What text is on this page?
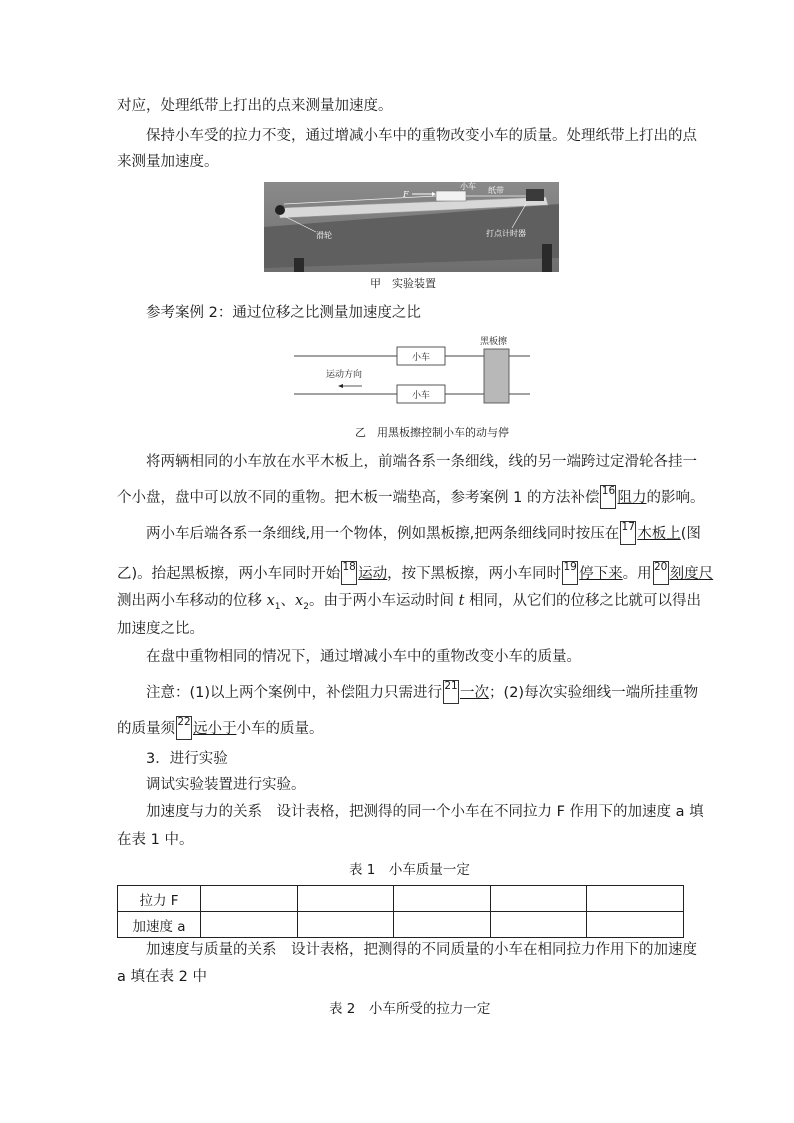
对应，处理纸带上打出的点来测量加速度。
保持小车受的拉力不变，通过增减小车中的重物改变小车的质量。处理纸带上打出的点
来测量加速度。
F
小车 纸带
滑轮	打点计时器
甲　实验装置
参考案例 2：通过位移之比测量加速度之比
黑板擦
小车
小车
运动方向
乙　用黑板擦控制小车的动与停
将两辆相同的小车放在水平木板上，前端各系一条细线，线的另一端跨过定滑轮各挂一
个小盘，盘中可以放不同的重物。把木板一端垫高，参考案例 1 的方法补偿 16 阻力的影响。
两小车后端各系一条细线,用一个物体，例如黑板擦,把两条细线同时按压在 17 木板上(图
乙)。抬起黑板擦，两小车同时开始 18 运动，按下黑板擦，两小车同时 19 停下来。用 20 刻度尺
测出两小车移动的位移 $x_1$、$x_2$。由于两小车运动时间 t 相同，从它们的位移之比就可以得出
加速度之比。
在盘中重物相同的情况下，通过增减小车中的重物改变小车的质量。
注意：(1)以上两个案例中，补偿阻力只需进行 21 一次；(2)每次实验细线一端所挂重物
的质量须 22 远小于小车的质量。
3．进行实验
调试实验装置进行实验。
加速度与力的关系　设计表格，把测得的同一个小车在不同拉力 F 作用下的加速度 a 填
在表 1 中。
表 1　小车质量一定
拉力 F					
加速度 a					
加速度与质量的关系　设计表格，把测得的不同质量的小车在相同拉力作用下的加速度
a 填在表 2 中
表 2　小车所受的拉力一定
